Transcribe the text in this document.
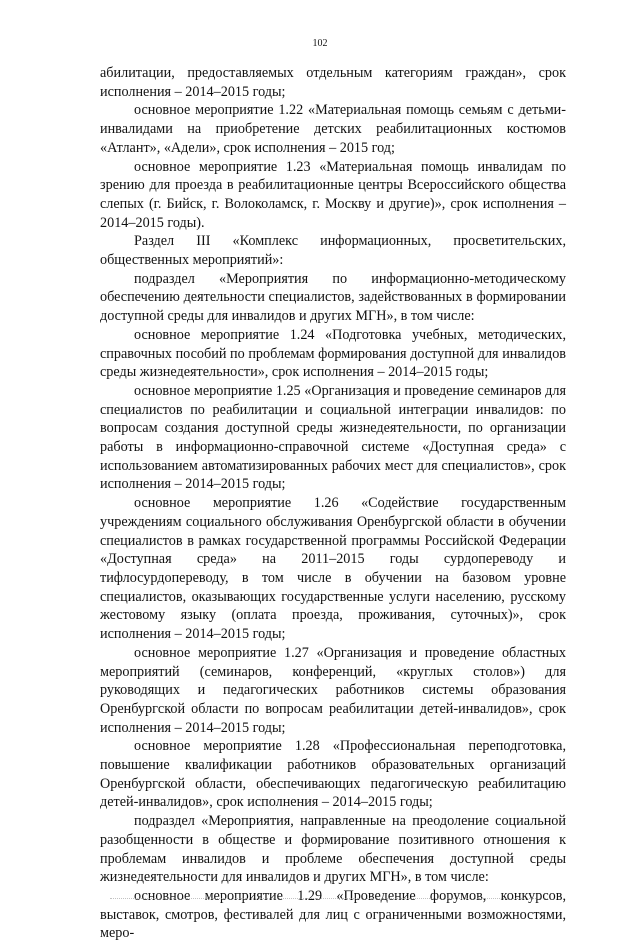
102

абилитации, предоставляемых отдельным категориям граждан», срок исполнения – 2014–2015 годы;

основное мероприятие 1.22 «Материальная помощь семьям с детьми-инвалидами на приобретение детских реабилитационных костюмов «Атлант», «Адели», срок исполнения – 2015 год;

основное мероприятие 1.23 «Материальная помощь инвалидам по зрению для проезда в реабилитационные центры Всероссийского общества слепых (г. Бийск, г. Волоколамск, г. Москву и другие)», срок исполнения – 2014–2015 годы).

Раздел III «Комплекс информационных, просветительских, общественных мероприятий»:

подраздел «Мероприятия по информационно-методическому обеспечению деятельности специалистов, задействованных в формировании доступной среды для инвалидов и других МГН», в том числе:

основное мероприятие 1.24 «Подготовка учебных, методических, справочных пособий по проблемам формирования доступной для инвалидов среды жизнедеятельности», срок исполнения – 2014–2015 годы;

основное мероприятие 1.25 «Организация и проведение семинаров для специалистов по реабилитации и социальной интеграции инвалидов: по вопросам создания доступной среды жизнедеятельности, по организации работы в информационно-справочной системе «Доступная среда» с использованием автоматизированных рабочих мест для специалистов», срок исполнения – 2014–2015 годы;

основное мероприятие 1.26 «Содействие государственным учреждениям социального обслуживания Оренбургской области в обучении специалистов в рамках государственной программы Российской Федерации «Доступная среда» на 2011–2015 годы сурдопереводу и тифлосурдопереводу, в том числе в обучении на базовом уровне специалистов, оказывающих государственные услуги населению, русскому жестовому языку (оплата проезда, проживания, суточных)», срок исполнения – 2014–2015 годы;

основное мероприятие 1.27 «Организация и проведение областных мероприятий (семинаров, конференций, «круглых столов») для руководящих и педагогических работников системы образования Оренбургской области по вопросам реабилитации детей-инвалидов», срок исполнения – 2014–2015 годы;

основное мероприятие 1.28 «Профессиональная переподготовка, повышение квалификации работников образовательных организаций Оренбургской области, обеспечивающих педагогическую реабилитацию детей-инвалидов», срок исполнения – 2014–2015 годы;

подраздел «Мероприятия, направленные на преодоление социальной разобщенности в обществе и формирование позитивного отношения к проблемам инвалидов и проблеме обеспечения доступной среды жизнедеятельности для инвалидов и других МГН», в том числе:

основное мероприятие 1.29 «Проведение форумов, конкурсов, выставок, смотров, фестивалей для лиц с ограниченными возможностями, меро-
